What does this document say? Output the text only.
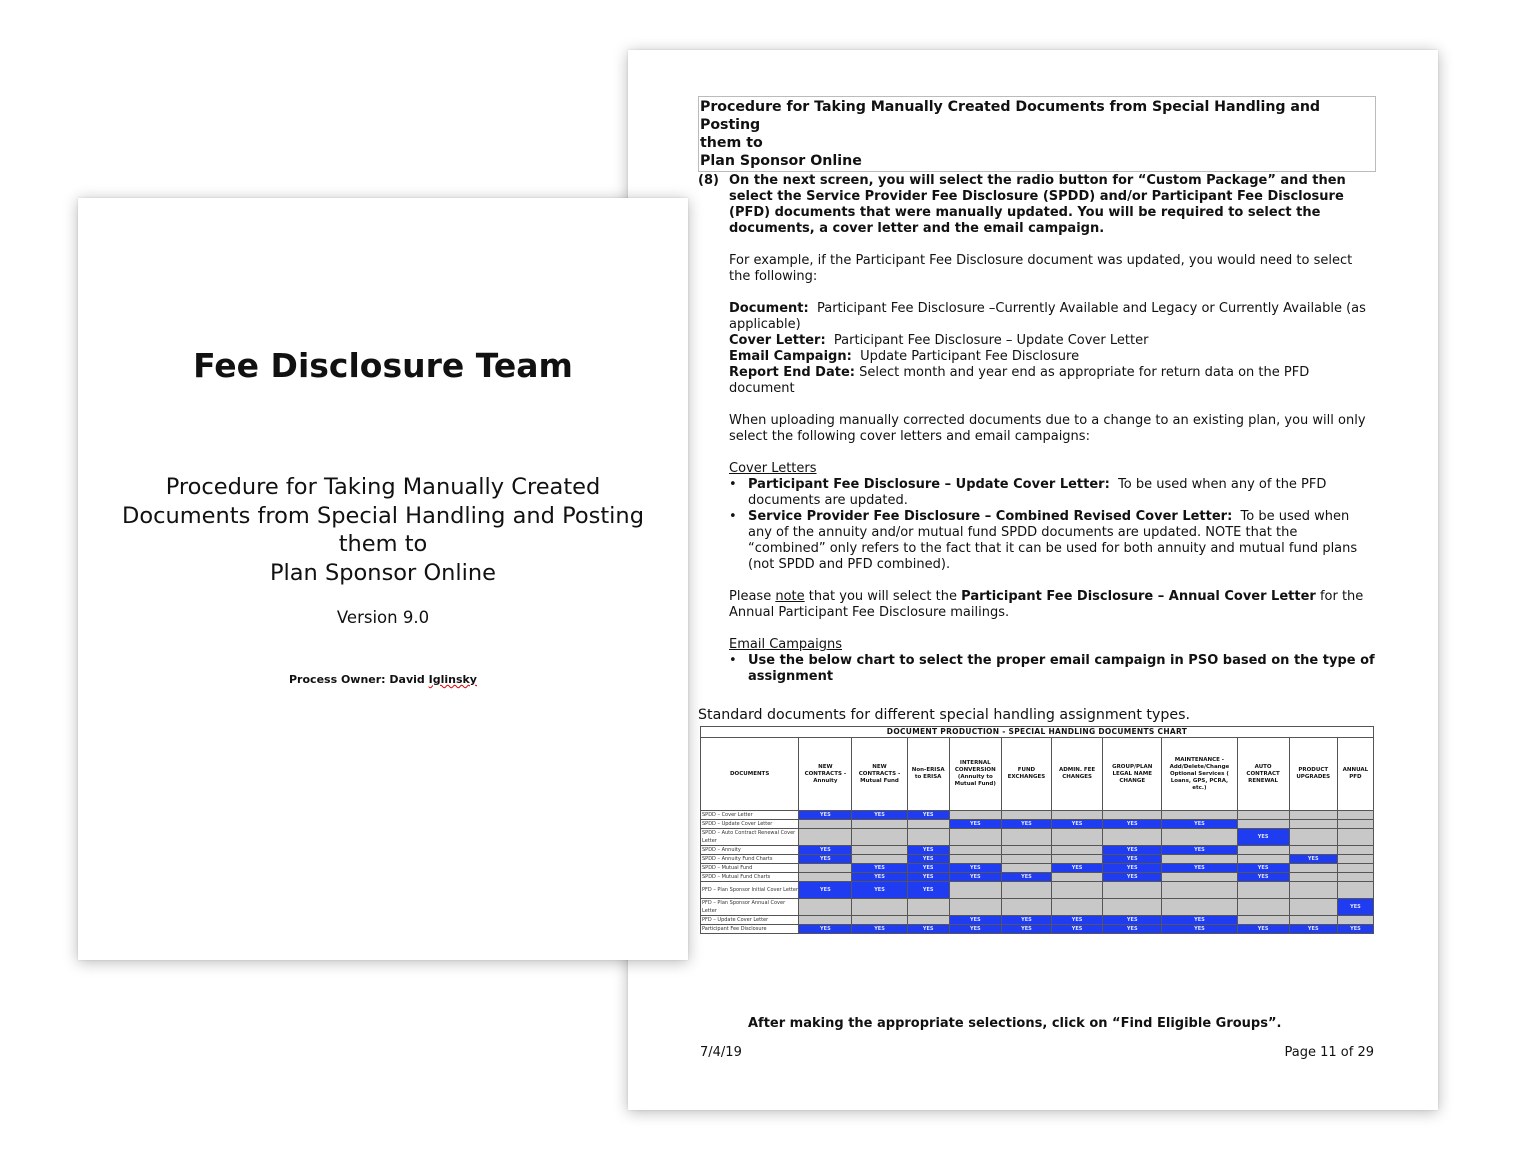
Procedure for Taking Manually Created Documents from Special Handling and Posting
them to
Plan Sponsor Online
(8) On the next screen, you will select the radio button for “Custom Package” and then select the Service Provider Fee Disclosure (SPDD) and/or Participant Fee Disclosure (PFD) documents that were manually updated. You will be required to select the documents, a cover letter and the email campaign.
For example, if the Participant Fee Disclosure document was updated, you would need to select the following:
Document: Participant Fee Disclosure –Currently Available and Legacy or Currently Available (as applicable)
Cover Letter: Participant Fee Disclosure – Update Cover Letter
Email Campaign: Update Participant Fee Disclosure
Report End Date: Select month and year end as appropriate for return data on the PFD document
When uploading manually corrected documents due to a change to an existing plan, you will only select the following cover letters and email campaigns:
Cover Letters
• Participant Fee Disclosure – Update Cover Letter: To be used when any of the PFD documents are updated.
• Service Provider Fee Disclosure – Combined Revised Cover Letter: To be used when any of the annuity and/or mutual fund SPDD documents are updated. NOTE that the “combined” only refers to the fact that it can be used for both annuity and mutual fund plans (not SPDD and PFD combined).
Please note that you will select the Participant Fee Disclosure – Annual Cover Letter for the Annual Participant Fee Disclosure mailings.
Email Campaigns
• Use the below chart to select the proper email campaign in PSO based on the type of assignment
Standard documents for different special handling assignment types.
DOCUMENT PRODUCTION - SPECIAL HANDLING DOCUMENTS CHART
DOCUMENTS	NEW CONTRACTS - Annuity	NEW CONTRACTS - Mutual Fund	Non-ERISA to ERISA	INTERNAL CONVERSION (Annuity to Mutual Fund)	FUND EXCHANGES	ADMIN. FEE CHANGES	GROUP/PLAN LEGAL NAME CHANGE	MAINTENANCE - Add/Delete/Change Optional Services ( Loans, GPS, PCRA, etc.)	AUTO CONTRACT RENEWAL	PRODUCT UPGRADES	ANNUAL PFD
SPDD – Cover Letter	YES	YES	YES								
SPDD – Update Cover Letter				YES	YES	YES	YES	YES			
SPDD – Auto Contract Renewal Cover Letter									YES		
SPDD – Annuity	YES		YES				YES	YES			
SPDD – Annuity Fund Charts	YES		YES				YES			YES	
SPDD – Mutual Fund		YES	YES	YES		YES	YES	YES	YES		
SPDD – Mutual Fund Charts		YES	YES	YES	YES		YES		YES		
PFD – Plan Sponsor Initial Cover Letter	YES	YES	YES								
PFD – Plan Sponsor Annual Cover Letter											YES
PFD – Update Cover Letter				YES	YES	YES	YES	YES			
Participant Fee Disclosure	YES	YES	YES	YES	YES	YES	YES	YES	YES	YES	YES
After making the appropriate selections, click on “Find Eligible Groups”.
7/4/19	Page 11 of 29
Fee Disclosure Team
Procedure for Taking Manually Created
Documents from Special Handling and Posting
them to
Plan Sponsor Online
Version 9.0
Process Owner: David Iglinsky
